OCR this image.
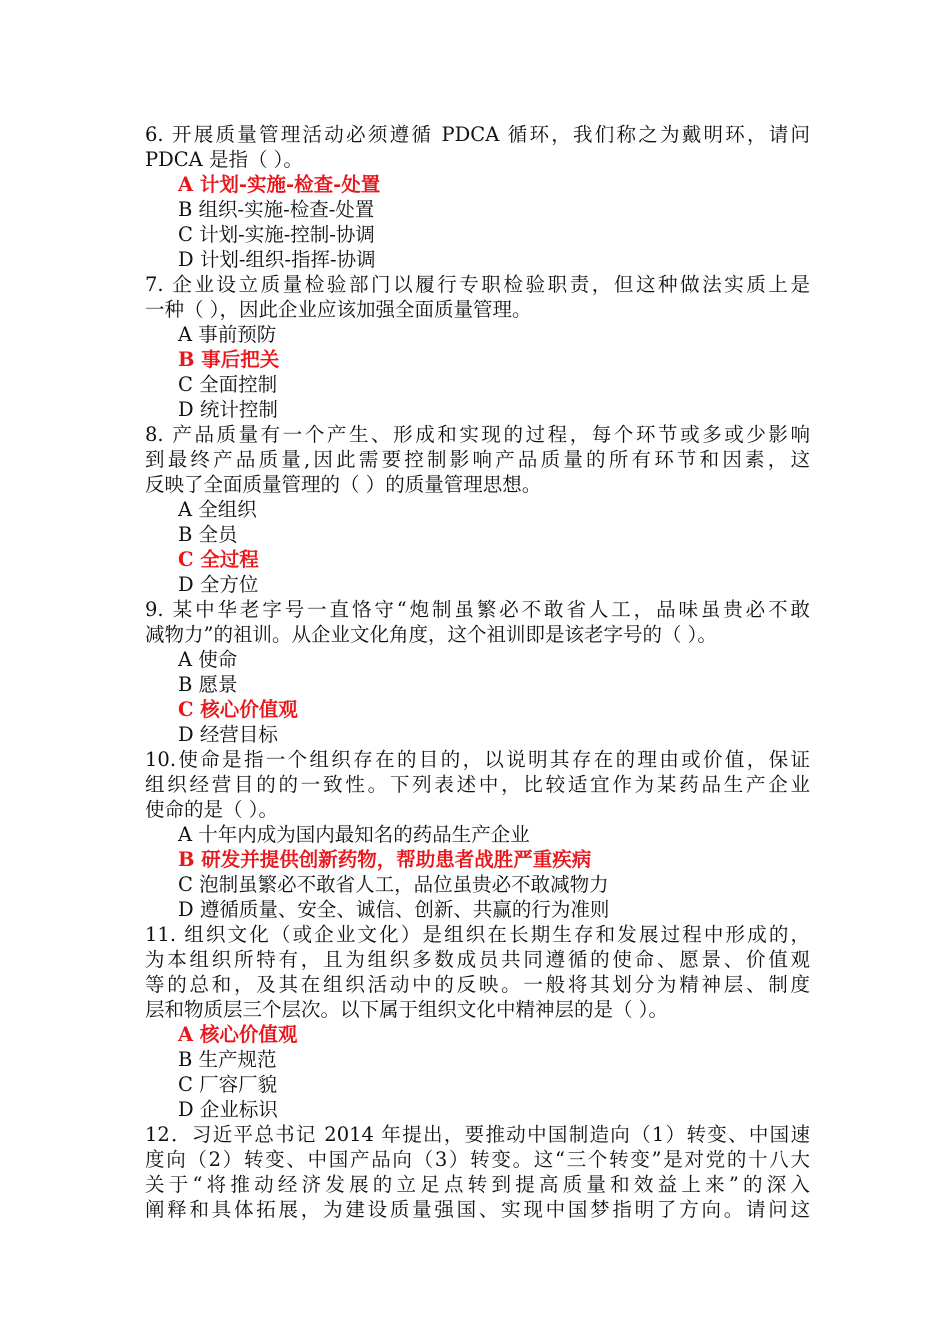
6. 开展质量管理活动必须遵循 PDCA 循环，我们称之为戴明环，请问
PDCA 是指（ ）。
A 计划-实施-检查-处置
B 组织-实施-检查-处置
C 计划-实施-控制-协调
D 计划-组织-指挥-协调
7. 企业设立质量检验部门以履行专职检验职责，但这种做法实质上是
一种（ ），因此企业应该加强全面质量管理。
A 事前预防
B 事后把关
C 全面控制
D 统计控制
8. 产品质量有一个产生、形成和实现的过程，每个环节或多或少影响
到最终产品质量,因此需要控制影响产品质量的所有环节和因素，这
反映了全面质量管理的（ ）的质量管理思想。
A 全组织
B 全员
C 全过程
D 全方位
9. 某中华老字号一直恪守“炮制虽繁必不敢省人工，品味虽贵必不敢
减物力”的祖训。从企业文化角度，这个祖训即是该老字号的（ ）。
A 使命
B 愿景
C 核心价值观
D 经营目标
10.使命是指一个组织存在的目的，以说明其存在的理由或价值，保证
组织经营目的的一致性。下列表述中，比较适宜作为某药品生产企业
使命的是（ ）。
A 十年内成为国内最知名的药品生产企业
B 研发并提供创新药物，帮助患者战胜严重疾病
C 泡制虽繁必不敢省人工，品位虽贵必不敢减物力
D 遵循质量、安全、诚信、创新、共赢的行为准则
11. 组织文化（或企业文化）是组织在长期生存和发展过程中形成的，
为本组织所特有，且为组织多数成员共同遵循的使命、愿景、价值观
等的总和，及其在组织活动中的反映。一般将其划分为精神层、制度
层和物质层三个层次。以下属于组织文化中精神层的是（ ）。
A 核心价值观
B 生产规范
C 厂容厂貌
D 企业标识
12．习近平总书记 2014 年提出，要推动中国制造向（1）转变、中国速
度向（2）转变、中国产品向（3）转变。这“三个转变”是对党的十八大
关于“将推动经济发展的立足点转到提高质量和效益上来”的深入
阐释和具体拓展，为建设质量强国、实现中国梦指明了方向。请问这
